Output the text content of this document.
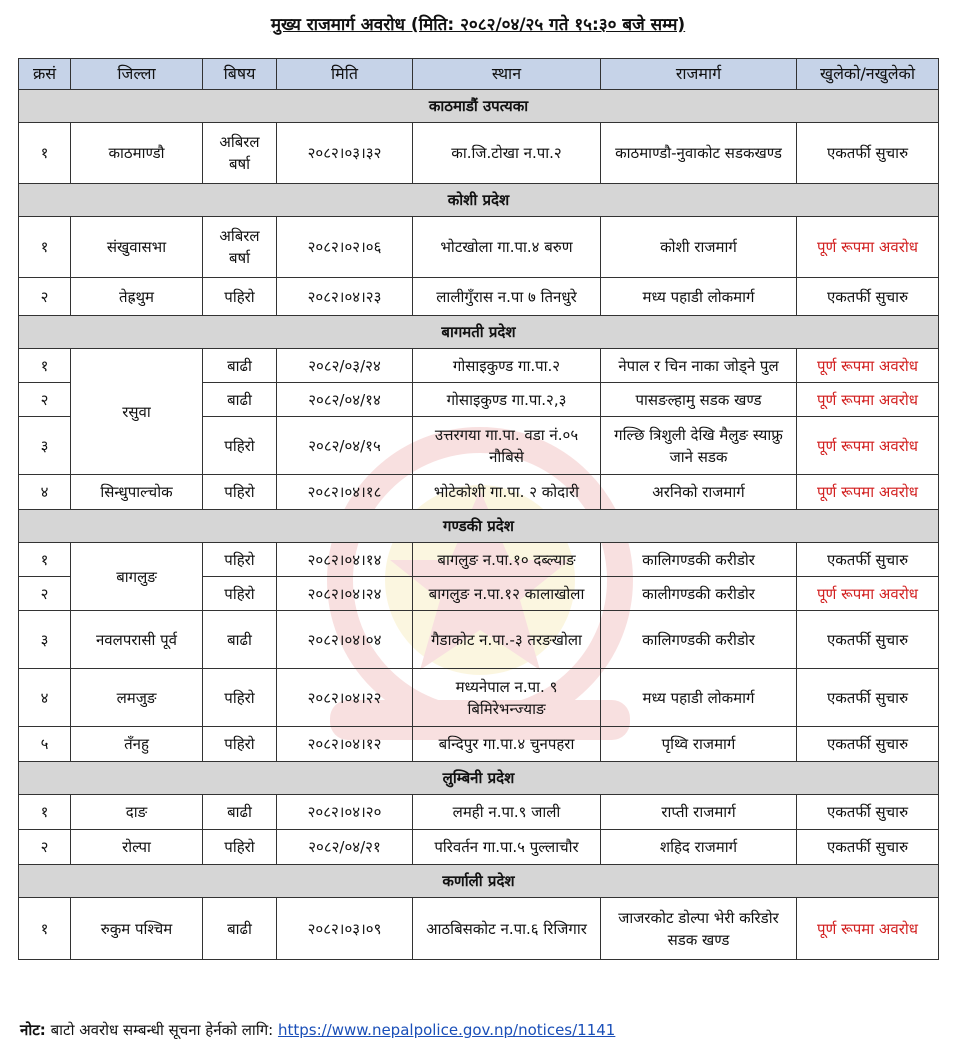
मुख्य राजमार्ग अवरोध (मिति: २०८२/०४/२५ गते १५:३० बजे सम्म)
क्रसं	जिल्ला	बिषय	मिति	स्थान	राजमार्ग	खुलेको/नखुलेको
काठमाडौं उपत्यका						
१	काठमाण्डौ	अबिरल बर्षा	२०८२।०३।३२	का.जि.टोखा न.पा.२	काठमाण्डौ-नुवाकोट सडकखण्ड	एकतर्फी सुचारु
कोशी प्रदेश						
१	संखुवासभा	अबिरल बर्षा	२०८२।०२।०६	भोटखोला गा.पा.४ बरुण	कोशी राजमार्ग	पूर्ण रूपमा अवरोध
२	तेह्रथुम	पहिरो	२०८२।०४।२३	लालीगुँरास न.पा ७ तिनधुरे	मध्य पहाडी लोकमार्ग	एकतर्फी सुचारु
बागमती प्रदेश						
१	रसुवा	बाढी	२०८२/०३/२४	गोसाइकुण्ड गा.पा.२	नेपाल र चिन नाका जोड्ने पुल	पूर्ण रूपमा अवरोध
२		बाढी	२०८२/०४/१४	गोसाइकुण्ड गा.पा.२,३	पासङल्हामु सडक खण्ड	पूर्ण रूपमा अवरोध
३		पहिरो	२०८२/०४/१५	उत्तरगया गा.पा. वडा नं.०५ नौबिसे	गल्छि त्रिशुली देखि मैलुङ स्याफ्रु जाने सडक	पूर्ण रूपमा अवरोध
४	सिन्धुपाल्चोक	पहिरो	२०८२।०४।१८	भोटेकोशी गा.पा. २ कोदारी	अरनिको राजमार्ग	पूर्ण रूपमा अवरोध
गण्डकी प्रदेश						
१	बागलुङ	पहिरो	२०८२।०४।१४	बागलुङ न.पा.१० दब्ल्याङ	कालिगण्डकी करीडोर	एकतर्फी सुचारु
२		पहिरो	२०८२।०४।२४	बागलुङ न.पा.१२ कालाखोला	कालीगण्डकी करीडोर	पूर्ण रूपमा अवरोध
३	नवलपरासी पूर्व	बाढी	२०८२।०४।०४	गैडाकोट न.पा.-३ तरङखोला	कालिगण्डकी करीडोर	एकतर्फी सुचारु
४	लमजुङ	पहिरो	२०८२।०४।२२	मध्यनेपाल न.पा. ९ बिमिरेभन्ज्याङ	मध्य पहाडी लोकमार्ग	एकतर्फी सुचारु
५	तँनहु	पहिरो	२०८२।०४।१२	बन्दिपुर गा.पा.४ चुनपहरा	पृथ्वि राजमार्ग	एकतर्फी सुचारु
लुम्बिनी प्रदेश						
१	दाङ	बाढी	२०८२।०४।२०	लमही न.पा.९ जाली	राप्ती राजमार्ग	एकतर्फी सुचारु
२	रोल्पा	पहिरो	२०८२/०४/२१	परिवर्तन गा.पा.५ पुल्लाचौर	शहिद राजमार्ग	एकतर्फी सुचारु
कर्णाली प्रदेश						
१	रुकुम पश्चिम	बाढी	२०८२।०३।०९	आठबिसकोट न.पा.६ रिजिगार	जाजरकोट डोल्पा भेरी करिडोर सडक खण्ड	पूर्ण रूपमा अवरोध
नोट: बाटो अवरोध सम्बन्धी सूचना हेर्नको लागि: https://www.nepalpolice.gov.np/notices/1141
